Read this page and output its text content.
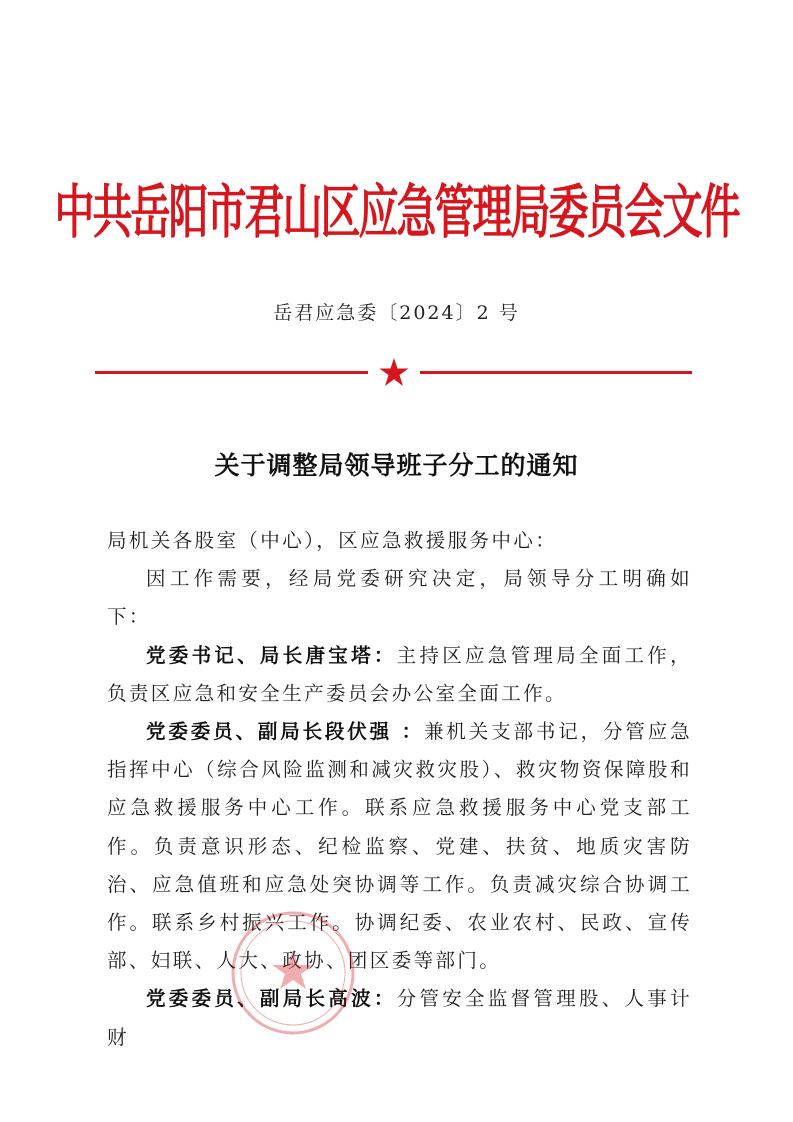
中共岳阳市君山区应急管理局委员会文件
岳君应急委〔2024〕2 号
关于调整局领导班子分工的通知

局机关各股室（中心），区应急救援服务中心：

因工作需要，经局党委研究决定，局领导分工明确如下：

党委书记、局长唐宝塔：主持区应急管理局全面工作，负责区应急和安全生产委员会办公室全面工作。

党委委员、副局长段伏强 ：兼机关支部书记，分管应急指挥中心（综合风险监测和减灾救灾股）、救灾物资保障股和应急救援服务中心工作。联系应急救援服务中心党支部工作。负责意识形态、纪检监察、党建、扶贫、地质灾害防治、应急值班和应急处突协调等工作。负责减灾综合协调工作。联系乡村振兴工作。协调纪委、农业农村、民政、宣传部、妇联、人大、政协、团区委等部门。

党委委员、副局长高波：分管安全监督管理股、人事计财
